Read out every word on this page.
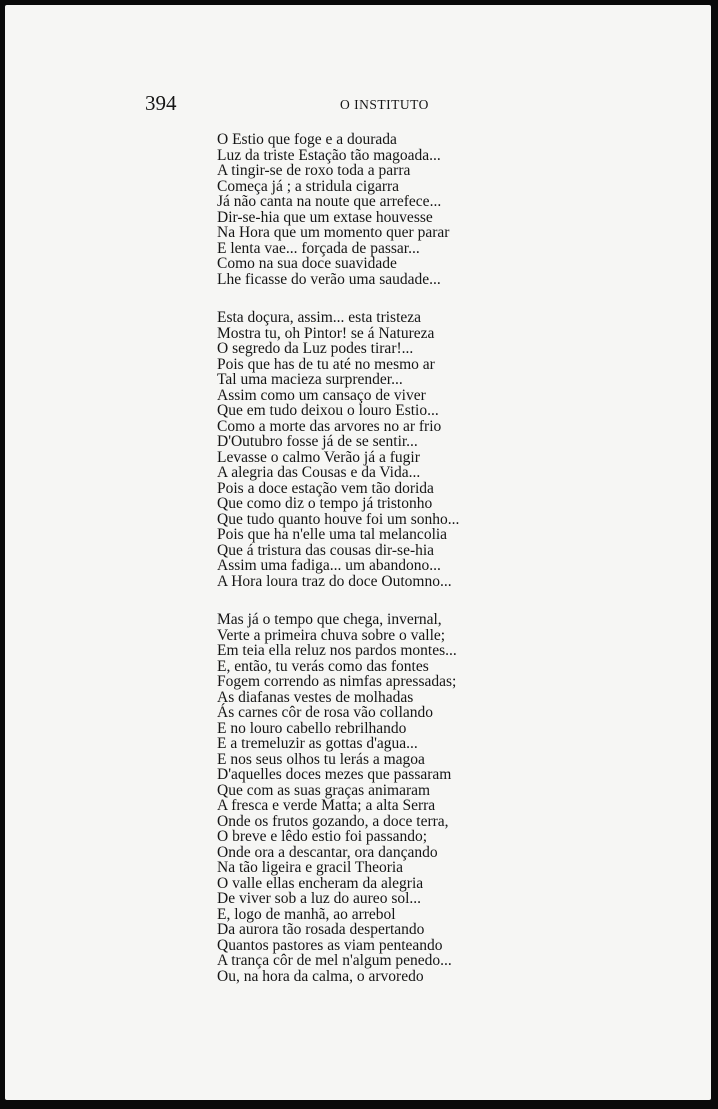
394	O INSTITUTO
O Estio que foge e a dourada
Luz da triste Estação tão magoada...
A tingir-se de roxo toda a parra
Começa já ; a stridula cigarra
Já não canta na noute que arrefece...
Dir-se-hia que um extase houvesse
Na Hora que um momento quer parar
E lenta vae... forçada de passar...
Como na sua doce suavidade
Lhe ficasse do verão uma saudade...
Esta doçura, assim... esta tristeza
Mostra tu, oh Pintor! se á Natureza
O segredo da Luz podes tirar!...
Pois que has de tu até no mesmo ar
Tal uma macieza surprender...
Assim como um cansaço de viver
Que em tudo deixou o louro Estio...
Como a morte das arvores no ar frio
D'Outubro fosse já de se sentir...
Levasse o calmo Verão já a fugir
A alegria das Cousas e da Vida...
Pois a doce estação vem tão dorida
Que como diz o tempo já tristonho
Que tudo quanto houve foi um sonho...
Pois que ha n'elle uma tal melancolia
Que á tristura das cousas dir-se-hia
Assim uma fadiga... um abandono...
A Hora loura traz do doce Outomno...
Mas já o tempo que chega, invernal,
Verte a primeira chuva sobre o valle;
Em teia ella reluz nos pardos montes...
E, então, tu verás como das fontes
Fogem correndo as nimfas apressadas;
As diafanas vestes de molhadas
Ás carnes côr de rosa vão collando
E no louro cabello rebrilhando
E a tremeluzir as gottas d'agua...
E nos seus olhos tu lerás a magoa
D'aquelles doces mezes que passaram
Que com as suas graças animaram
A fresca e verde Matta; a alta Serra
Onde os frutos gozando, a doce terra,
O breve e lêdo estio foi passando;
Onde ora a descantar, ora dançando
Na tão ligeira e gracil Theoria
O valle ellas encheram da alegria
De viver sob a luz do aureo sol...
E, logo de manhã, ao arrebol
Da aurora tão rosada despertando
Quantos pastores as viam penteando
A trança côr de mel n'algum penedo...
Ou, na hora da calma, o arvoredo
